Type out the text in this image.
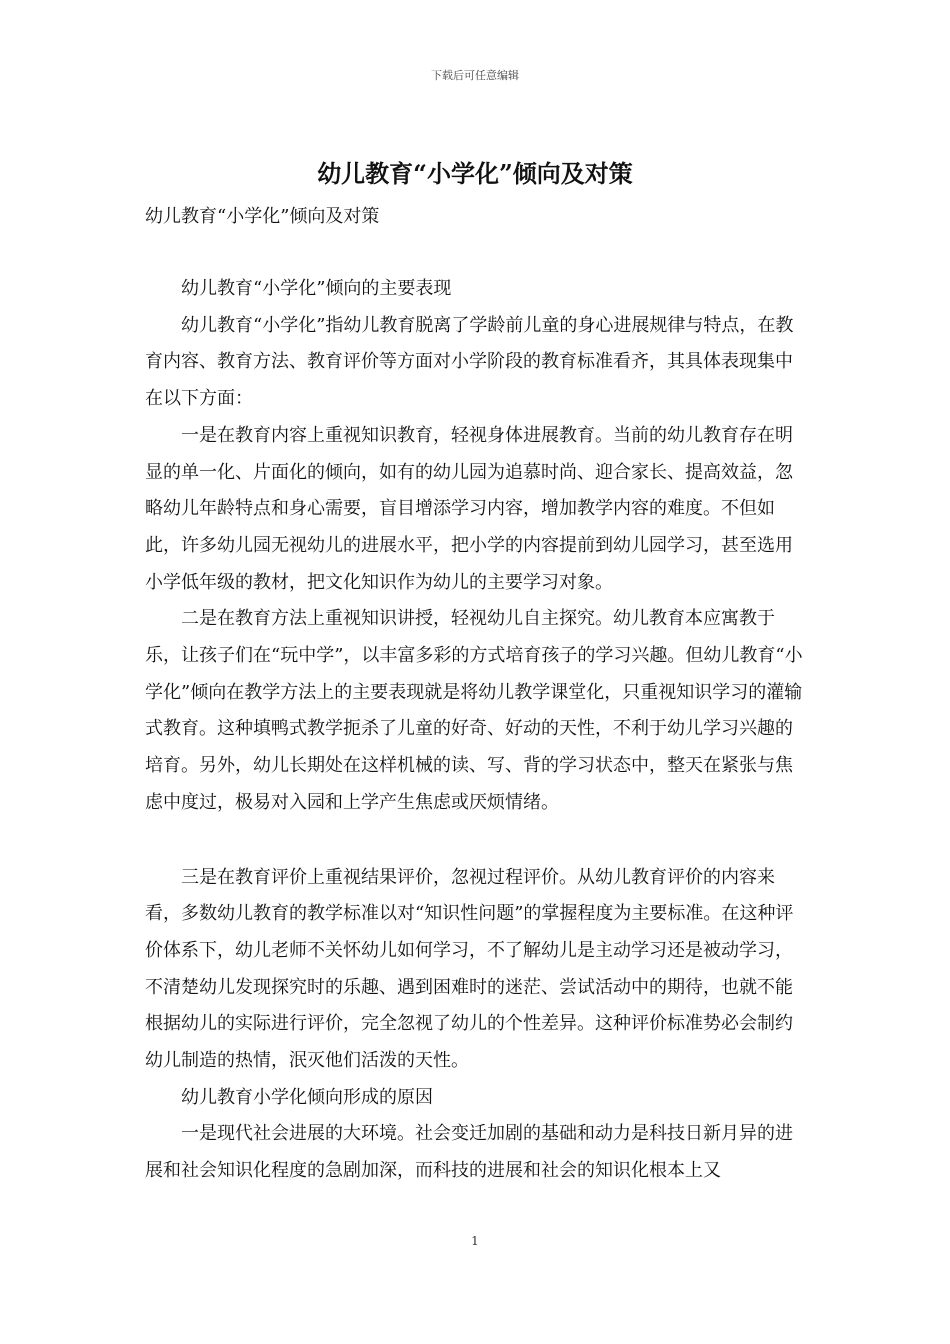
下载后可任意编辑
幼儿教育“小学化”倾向及对策
幼儿教育“小学化”倾向及对策

幼儿教育“小学化”倾向的主要表现

幼儿教育“小学化”指幼儿教育脱离了学龄前儿童的身心进展规律与特点，在教育内容、教育方法、教育评价等方面对小学阶段的教育标准看齐，其具体表现集中在以下方面：

一是在教育内容上重视知识教育，轻视身体进展教育。当前的幼儿教育存在明显的单一化、片面化的倾向，如有的幼儿园为追慕时尚、迎合家长、提高效益，忽略幼儿年龄特点和身心需要，盲目增添学习内容，增加教学内容的难度。不但如此，许多幼儿园无视幼儿的进展水平，把小学的内容提前到幼儿园学习，甚至选用小学低年级的教材，把文化知识作为幼儿的主要学习对象。

二是在教育方法上重视知识讲授，轻视幼儿自主探究。幼儿教育本应寓教于乐，让孩子们在“玩中学”，以丰富多彩的方式培育孩子的学习兴趣。但幼儿教育“小学化”倾向在教学方法上的主要表现就是将幼儿教学课堂化，只重视知识学习的灌输式教育。这种填鸭式教学扼杀了儿童的好奇、好动的天性，不利于幼儿学习兴趣的培育。另外，幼儿长期处在这样机械的读、写、背的学习状态中，整天在紧张与焦虑中度过，极易对入园和上学产生焦虑或厌烦情绪。

三是在教育评价上重视结果评价，忽视过程评价。从幼儿教育评价的内容来看，多数幼儿教育的教学标准以对“知识性问题”的掌握程度为主要标准。在这种评价体系下，幼儿老师不关怀幼儿如何学习，不了解幼儿是主动学习还是被动学习，不清楚幼儿发现探究时的乐趣、遇到困难时的迷茫、尝试活动中的期待，也就不能根据幼儿的实际进行评价，完全忽视了幼儿的个性差异。这种评价标准势必会制约幼儿制造的热情，泯灭他们活泼的天性。

幼儿教育小学化倾向形成的原因

一是现代社会进展的大环境。社会变迁加剧的基础和动力是科技日新月异的进展和社会知识化程度的急剧加深，而科技的进展和社会的知识化根本上又

1
